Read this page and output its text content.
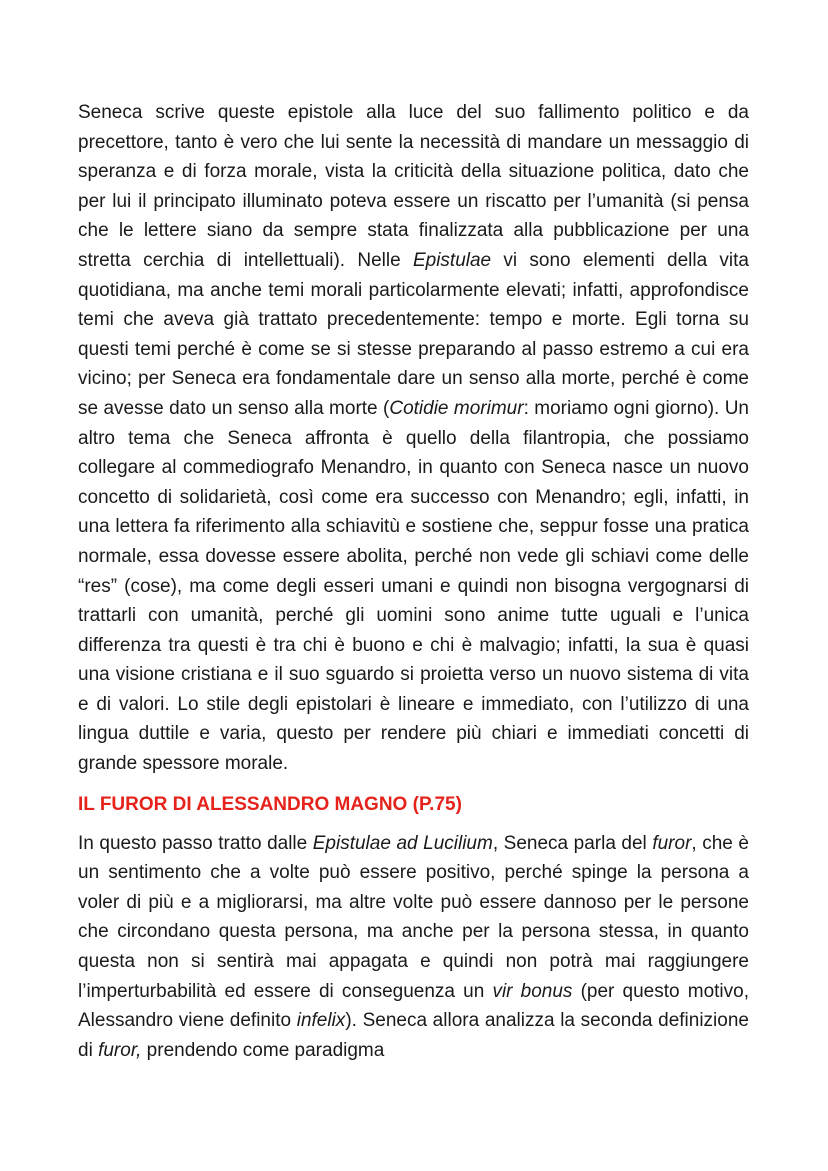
Seneca scrive queste epistole alla luce del suo fallimento politico e da precettore, tanto è vero che lui sente la necessità di mandare un messaggio di speranza e di forza morale, vista la criticità della situazione politica, dato che per lui il principato illuminato poteva essere un riscatto per l’umanità (si pensa che le lettere siano da sempre stata finalizzata alla pubblicazione per una stretta cerchia di intellettuali). Nelle Epistulae vi sono elementi della vita quotidiana, ma anche temi morali particolarmente elevati; infatti, approfondisce temi che aveva già trattato precedentemente: tempo e morte. Egli torna su questi temi perché è come se si stesse preparando al passo estremo a cui era vicino; per Seneca era fondamentale dare un senso alla morte, perché è come se avesse dato un senso alla morte (Cotidie morimur: moriamo ogni giorno). Un altro tema che Seneca affronta è quello della filantropia, che possiamo collegare al commediografo Menandro, in quanto con Seneca nasce un nuovo concetto di solidarietà, così come era successo con Menandro; egli, infatti, in una lettera fa riferimento alla schiavitù e sostiene che, seppur fosse una pratica normale, essa dovesse essere abolita, perché non vede gli schiavi come delle “res” (cose), ma come degli esseri umani e quindi non bisogna vergognarsi di trattarli con umanità, perché gli uomini sono anime tutte uguali e l’unica differenza tra questi è tra chi è buono e chi è malvagio; infatti, la sua è quasi una visione cristiana e il suo sguardo si proietta verso un nuovo sistema di vita e di valori. Lo stile degli epistolari è lineare e immediato, con l’utilizzo di una lingua duttile e varia, questo per rendere più chiari e immediati concetti di grande spessore morale.

IL FUROR DI ALESSANDRO MAGNO (P.75)

In questo passo tratto dalle Epistulae ad Lucilium, Seneca parla del furor, che è un sentimento che a volte può essere positivo, perché spinge la persona a voler di più e a migliorarsi, ma altre volte può essere dannoso per le persone che circondano questa persona, ma anche per la persona stessa, in quanto questa non si sentirà mai appagata e quindi non potrà mai raggiungere l’imperturbabilità ed essere di conseguenza un vir bonus (per questo motivo, Alessandro viene definito infelix). Seneca allora analizza la seconda definizione di furor, prendendo come paradigma
